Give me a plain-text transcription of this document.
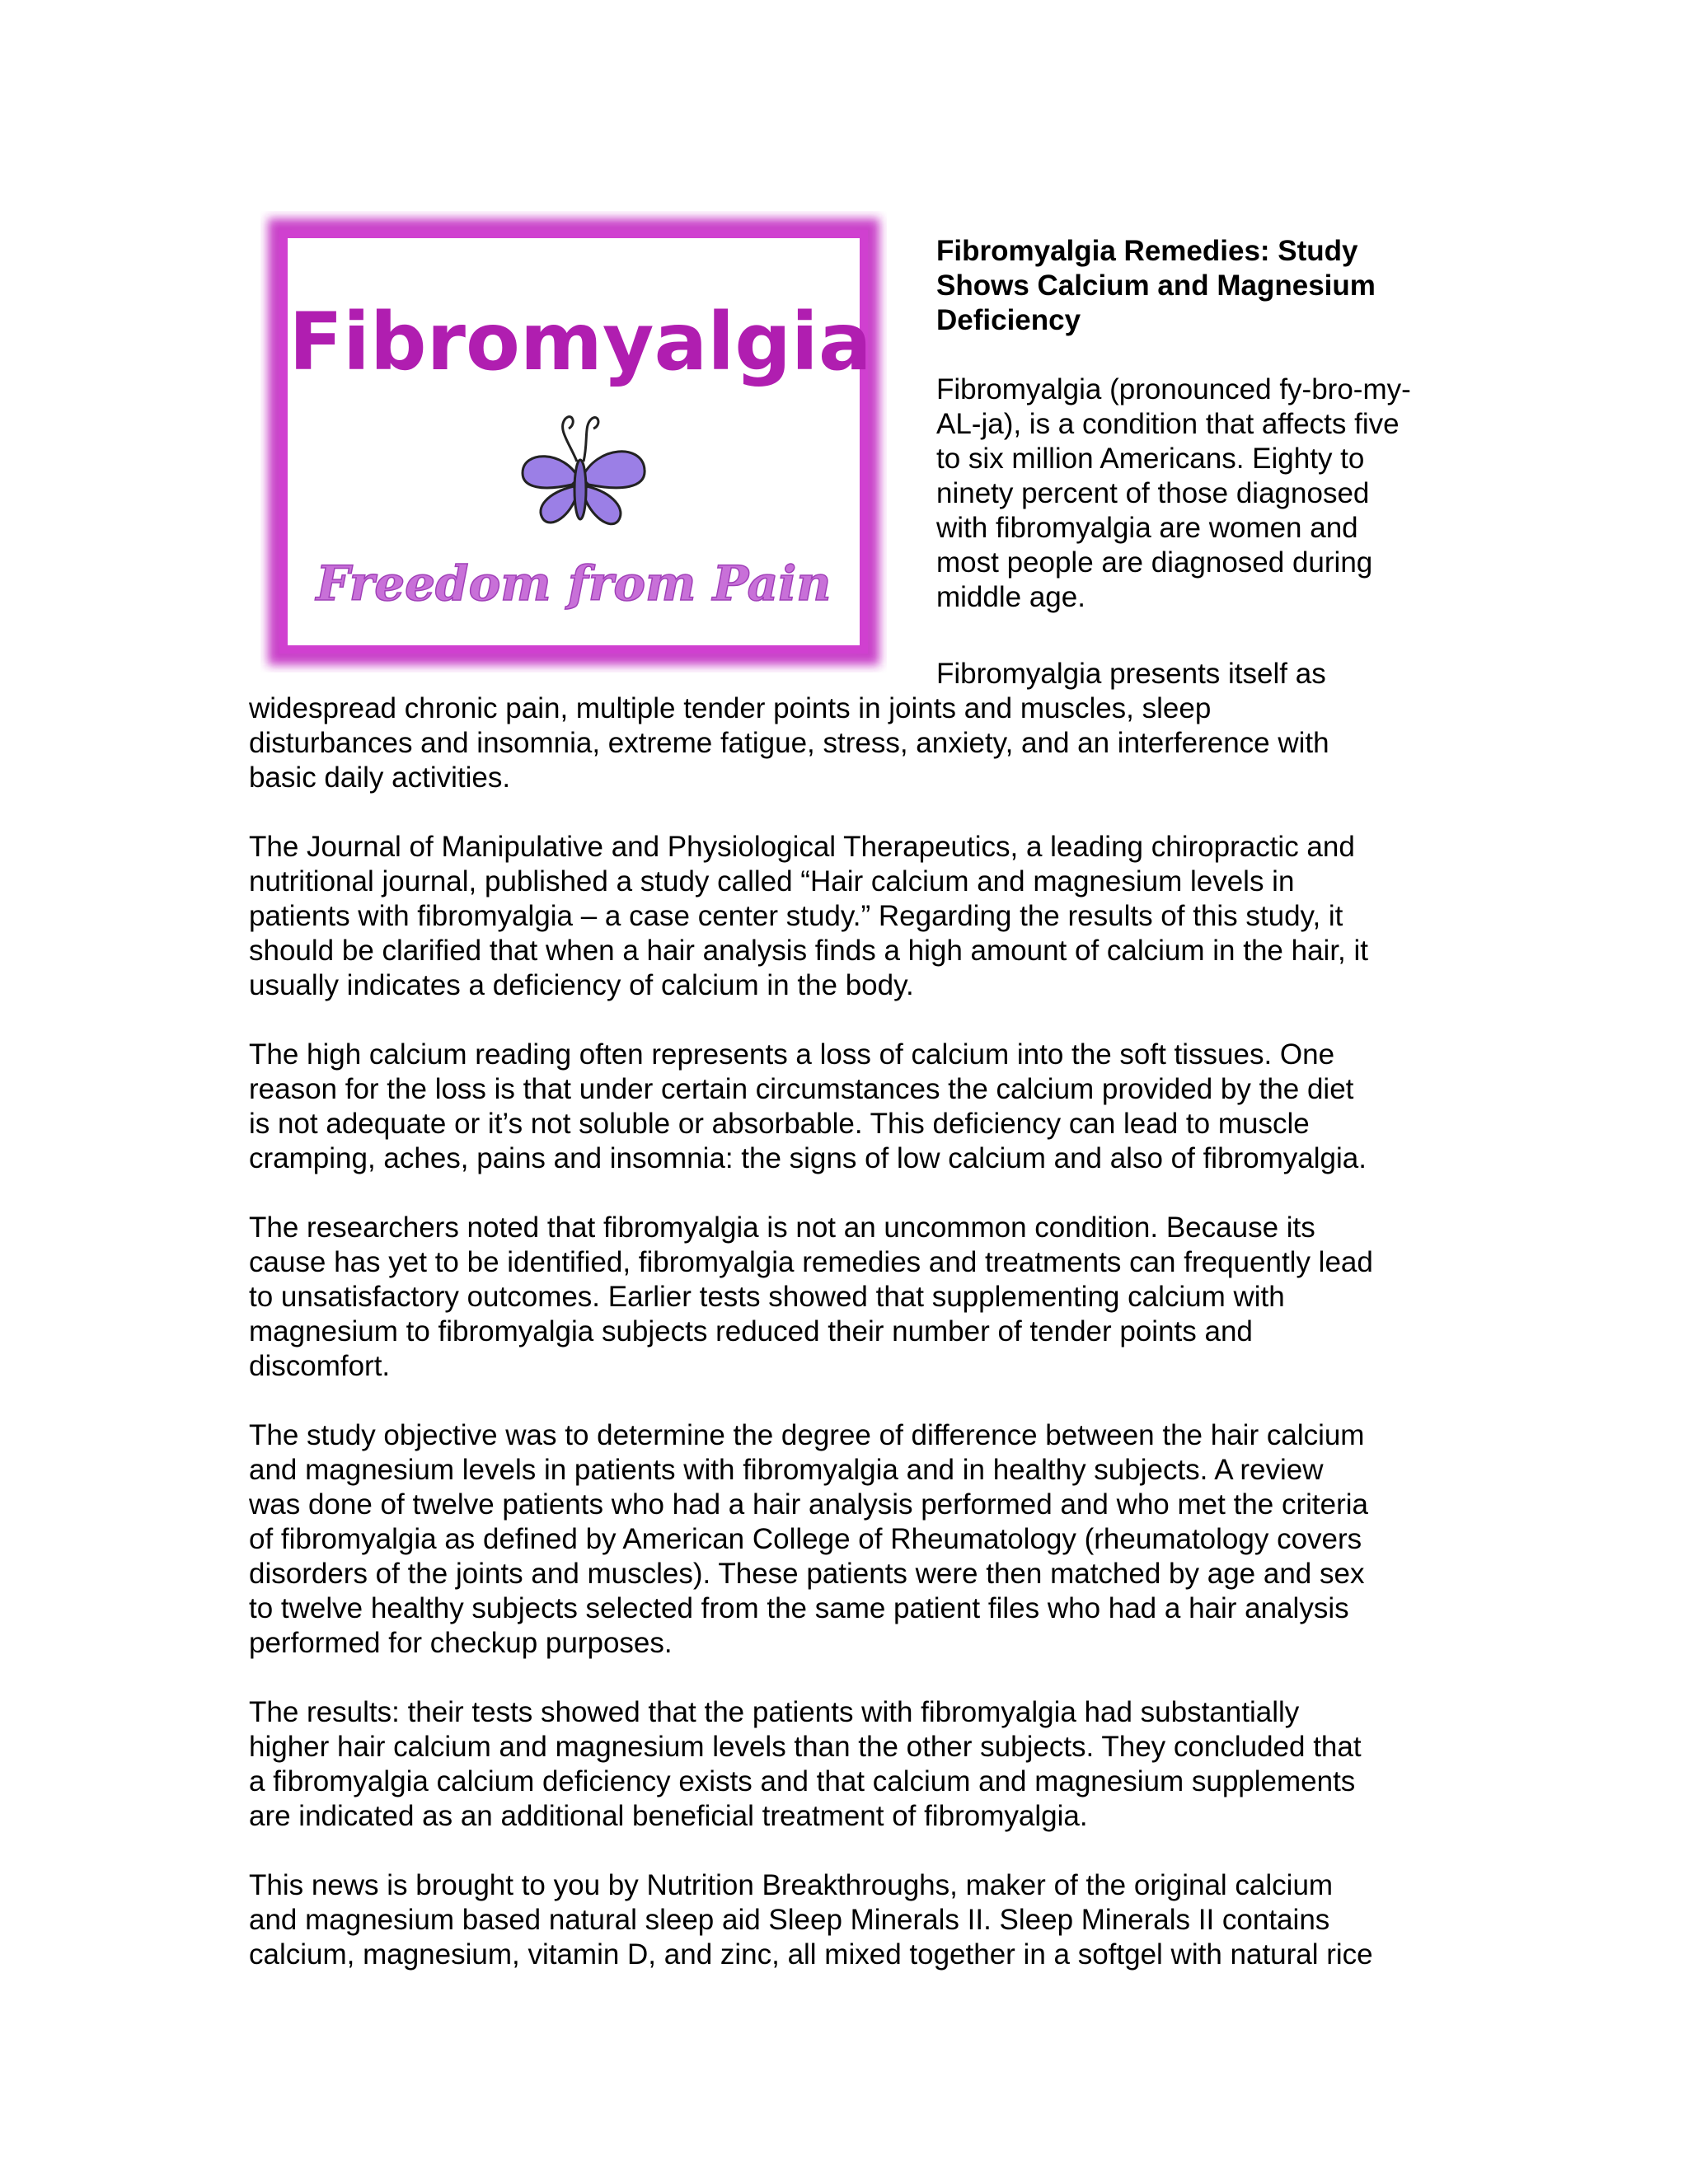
Fibromyalgia
Freedom from Pain
Fibromyalgia Remedies: Study
Shows Calcium and Magnesium
Deficiency

Fibromyalgia (pronounced fy-bro-my-
AL-ja), is a condition that affects five
to six million Americans. Eighty to
ninety percent of those diagnosed
with fibromyalgia are women and
most people are diagnosed during
middle age.

Fibromyalgia presents itself as

widespread chronic pain, multiple tender points in joints and muscles, sleep
disturbances and insomnia, extreme fatigue, stress, anxiety, and an interference with
basic daily activities.

The Journal of Manipulative and Physiological Therapeutics, a leading chiropractic and
nutritional journal, published a study called “Hair calcium and magnesium levels in
patients with fibromyalgia – a case center study.” Regarding the results of this study, it
should be clarified that when a hair analysis finds a high amount of calcium in the hair, it
usually indicates a deficiency of calcium in the body.

The high calcium reading often represents a loss of calcium into the soft tissues. One
reason for the loss is that under certain circumstances the calcium provided by the diet
is not adequate or it’s not soluble or absorbable. This deficiency can lead to muscle
cramping, aches, pains and insomnia: the signs of low calcium and also of fibromyalgia.

The researchers noted that fibromyalgia is not an uncommon condition. Because its
cause has yet to be identified, fibromyalgia remedies and treatments can frequently lead
to unsatisfactory outcomes. Earlier tests showed that supplementing calcium with
magnesium to fibromyalgia subjects reduced their number of tender points and
discomfort.

The study objective was to determine the degree of difference between the hair calcium
and magnesium levels in patients with fibromyalgia and in healthy subjects. A review
was done of twelve patients who had a hair analysis performed and who met the criteria
of fibromyalgia as defined by American College of Rheumatology (rheumatology covers
disorders of the joints and muscles). These patients were then matched by age and sex
to twelve healthy subjects selected from the same patient files who had a hair analysis
performed for checkup purposes.

The results: their tests showed that the patients with fibromyalgia had substantially
higher hair calcium and magnesium levels than the other subjects. They concluded that
a fibromyalgia calcium deficiency exists and that calcium and magnesium supplements
are indicated as an additional beneficial treatment of fibromyalgia.

This news is brought to you by Nutrition Breakthroughs, maker of the original calcium
and magnesium based natural sleep aid Sleep Minerals II. Sleep Minerals II contains
calcium, magnesium, vitamin D, and zinc, all mixed together in a softgel with natural rice
